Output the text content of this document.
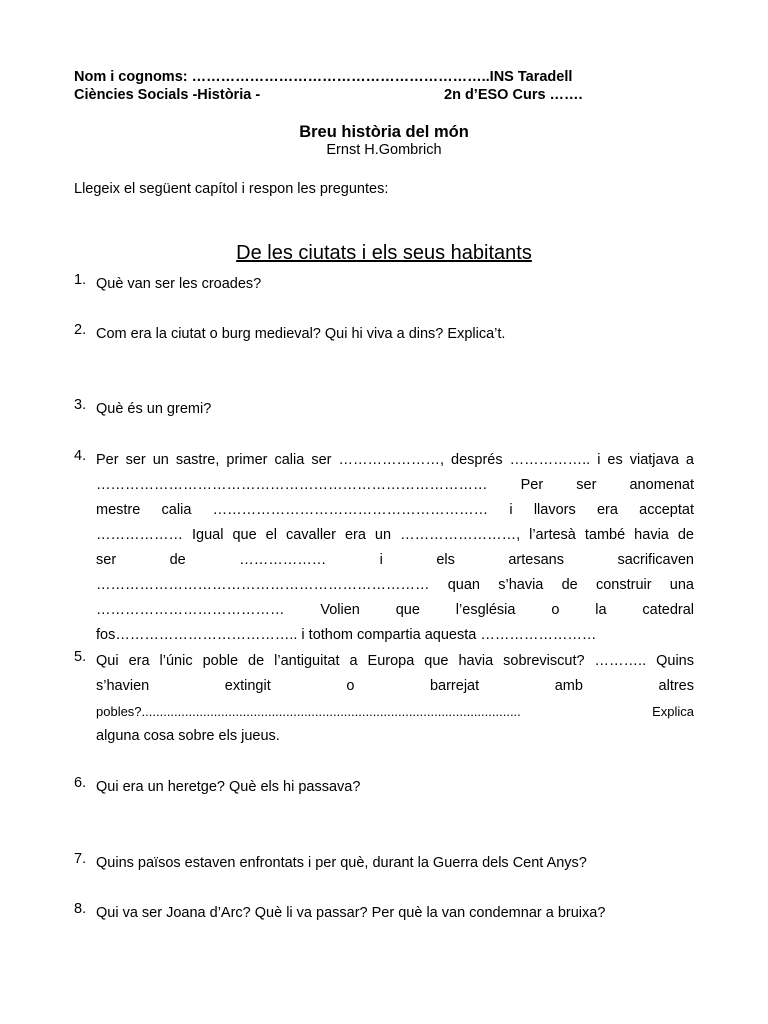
Nom i cognoms: ……………………………………………………..INS Taradell
Ciències Socials -Història -	2n d’ESO Curs …….
Breu història del món
Ernst H.Gombrich
Llegeix el següent capítol i respon les preguntes:
De les ciutats i els seus habitants
1. Què van ser les croades?
2. Com era la ciutat o burg medieval? Qui hi viva a dins? Explica’t.
3. Què és un gremi?
4. Per ser un sastre, primer calia ser …………………, després …………….. i es viatjava a
……………………………………………………………………… Per ser anomenat
mestre calia ………………………………………………… i llavors era acceptat
……………… Igual que el cavaller era un ……………………, l’artesà també havia de
ser de ……………… i els artesans sacrificaven
…………………………………………………………… quan s’havia de construir una
………………………………… Volien que l’església o la catedral
fos……………………………….. i tothom compartia aquesta ……………………
5. Qui era l’únic poble de l’antiguitat a Europa que havia sobreviscut? ……….. Quins
s’havien extingit o barrejat amb altres
pobles?......................................................................................................... Explica
alguna cosa sobre els jueus.
6. Qui era un heretge? Què els hi passava?
7. Quins països estaven enfrontats i per què, durant la Guerra dels Cent Anys?
8. Qui va ser Joana d’Arc? Què li va passar? Per què la van condemnar a bruixa?
